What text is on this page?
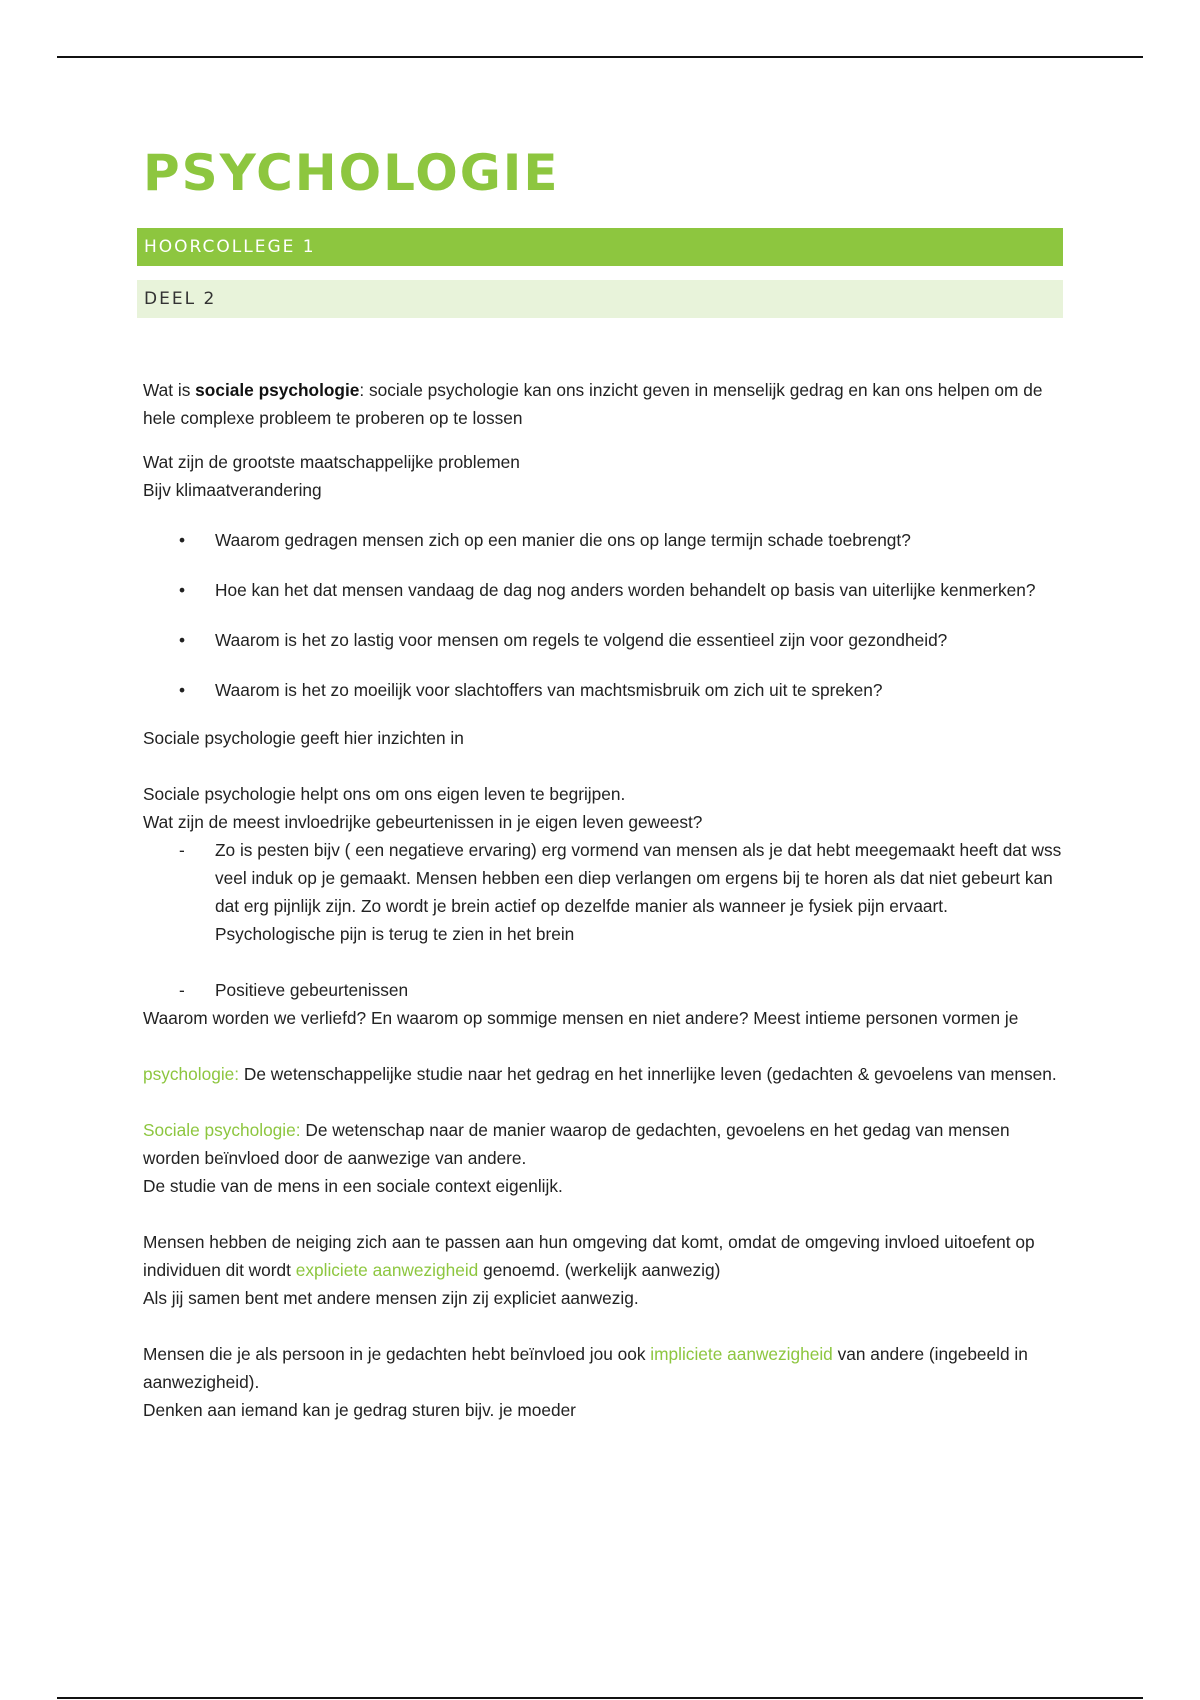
PSYCHOLOGIE
HOORCOLLEGE 1
DEEL 2

Wat is sociale psychologie: sociale psychologie kan ons inzicht geven in menselijk gedrag en kan ons helpen om de hele complexe probleem te proberen op te lossen

Wat zijn de grootste maatschappelijke problemen

Bijv klimaatverandering

• Waarom gedragen mensen zich op een manier die ons op lange termijn schade toebrengt?
• Hoe kan het dat mensen vandaag de dag nog anders worden behandelt op basis van uiterlijke kenmerken?
• Waarom is het zo lastig voor mensen om regels te volgend die essentieel zijn voor gezondheid?
• Waarom is het zo moeilijk voor slachtoffers van machtsmisbruik om zich uit te spreken?

Sociale psychologie geeft hier inzichten in

Sociale psychologie helpt ons om ons eigen leven te begrijpen.

Wat zijn de meest invloedrijke gebeurtenissen in je eigen leven geweest?

- Zo is pesten bijv ( een negatieve ervaring) erg vormend van mensen als je dat hebt meegemaakt heeft dat wss veel induk op je gemaakt. Mensen hebben een diep verlangen om ergens bij te horen als dat niet gebeurt kan dat erg pijnlijk zijn. Zo wordt je brein actief op dezelfde manier als wanneer je fysiek pijn ervaart. Psychologische pijn is terug te zien in het brein
- Positieve gebeurtenissen

Waarom worden we verliefd? En waarom op sommige mensen en niet andere? Meest intieme personen vormen je

psychologie: De wetenschappelijke studie naar het gedrag en het innerlijke leven (gedachten & gevoelens van mensen.

Sociale psychologie: De wetenschap naar de manier waarop de gedachten, gevoelens en het gedag van mensen worden beïnvloed door de aanwezige van andere.

De studie van de mens in een sociale context eigenlijk.

Mensen hebben de neiging zich aan te passen aan hun omgeving dat komt, omdat de omgeving invloed uitoefent op individuen dit wordt expliciete aanwezigheid genoemd. (werkelijk aanwezig)

Als jij samen bent met andere mensen zijn zij expliciet aanwezig.

Mensen die je als persoon in je gedachten hebt beïnvloed jou ook impliciete aanwezigheid van andere (ingebeeld in aanwezigheid).

Denken aan iemand kan je gedrag sturen bijv. je moeder
